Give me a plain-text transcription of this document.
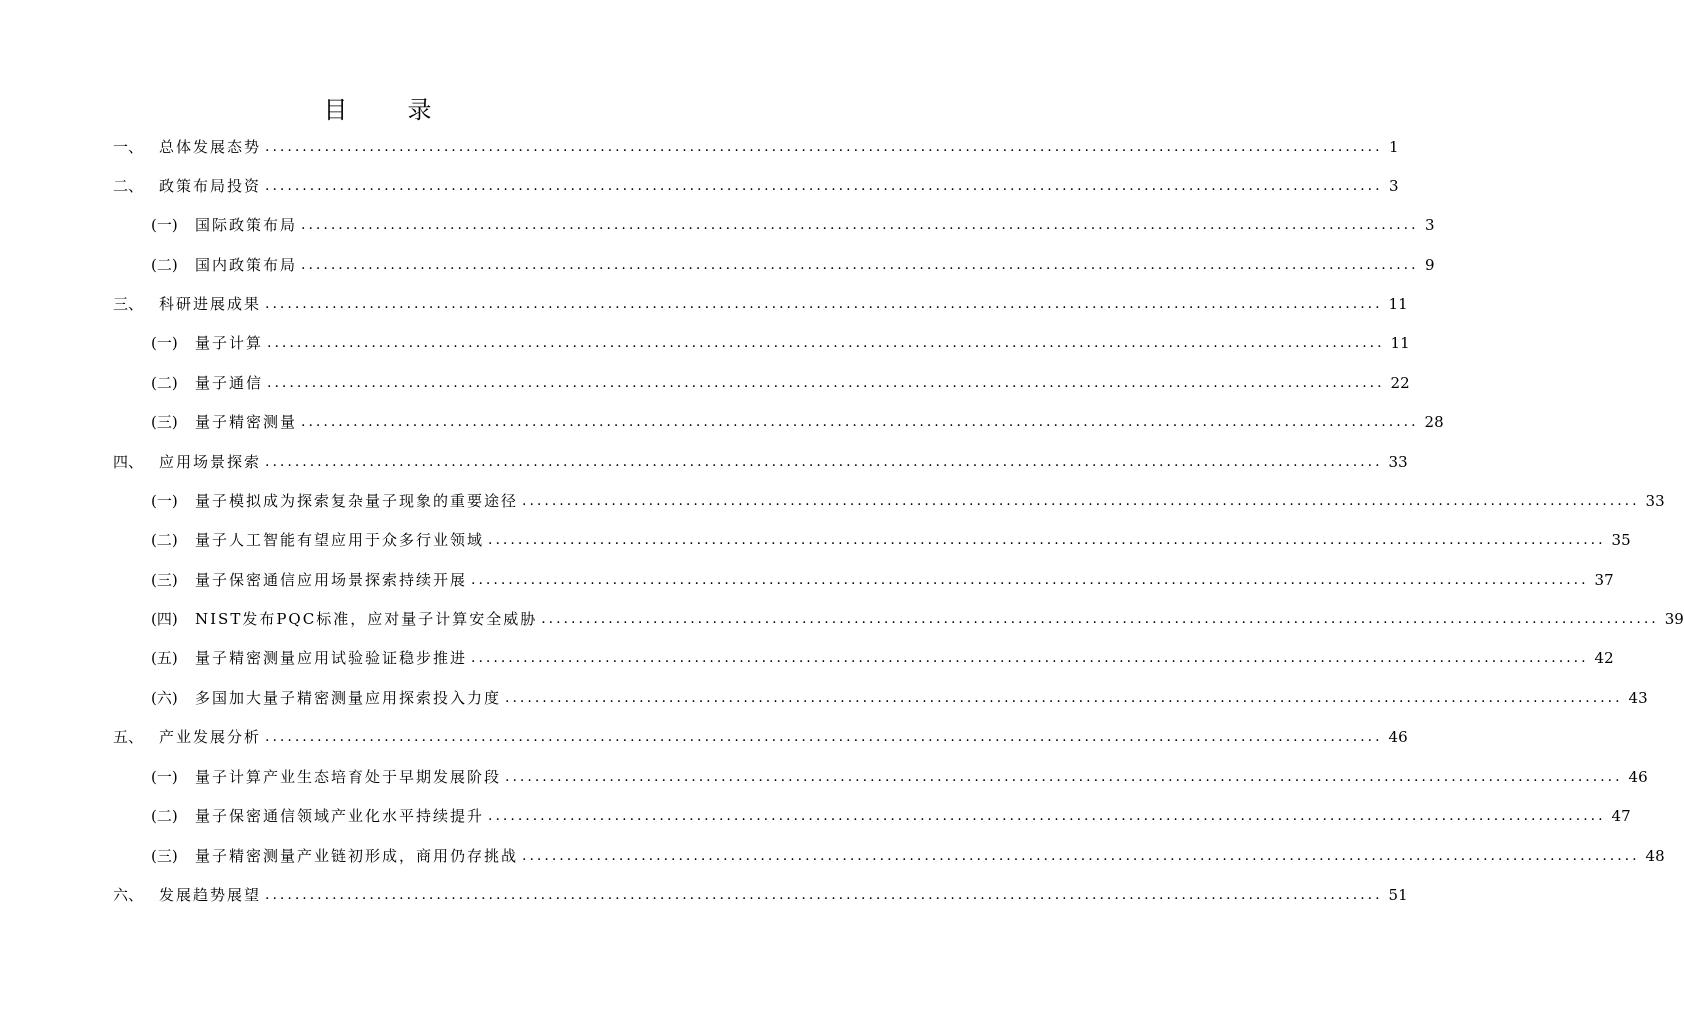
目　录
一、	总体发展态势 ...................................................................................................................................................... 1
二、	政策布局投资 ...................................................................................................................................................... 3
(一)	国际政策布局 ...................................................................................................................................................... 3
(二)	国内政策布局 ...................................................................................................................................................... 9
三、	科研进展成果 ...................................................................................................................................................... 11
(一)	量子计算 ...................................................................................................................................................... 11
(二)	量子通信 ...................................................................................................................................................... 22
(三)	量子精密测量 ...................................................................................................................................................... 28
四、	应用场景探索 ...................................................................................................................................................... 33
(一)	量子模拟成为探索复杂量子现象的重要途径 ...................................................................................................................................................... 33
(二)	量子人工智能有望应用于众多行业领域 ...................................................................................................................................................... 35
(三)	量子保密通信应用场景探索持续开展 ...................................................................................................................................................... 37
(四)	NIST发布PQC标准，应对量子计算安全威胁 ...................................................................................................................................................... 39
(五)	量子精密测量应用试验验证稳步推进 ...................................................................................................................................................... 42
(六)	多国加大量子精密测量应用探索投入力度 ...................................................................................................................................................... 43
五、	产业发展分析 ...................................................................................................................................................... 46
(一)	量子计算产业生态培育处于早期发展阶段 ...................................................................................................................................................... 46
(二)	量子保密通信领域产业化水平持续提升 ...................................................................................................................................................... 47
(三)	量子精密测量产业链初形成，商用仍存挑战 ...................................................................................................................................................... 48
六、	发展趋势展望 ...................................................................................................................................................... 51
